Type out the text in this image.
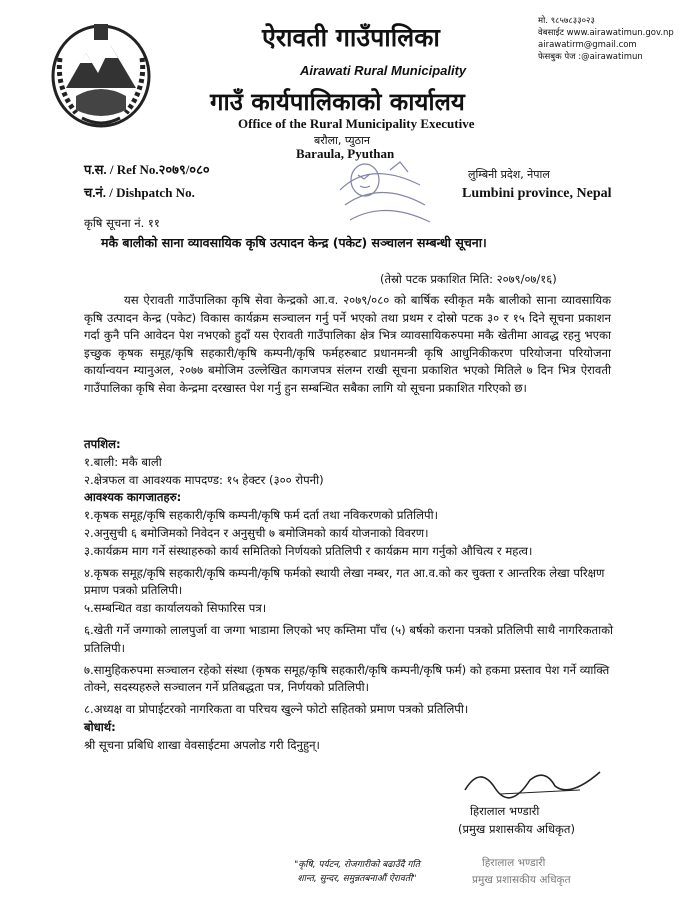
ऐरावती गाउँपालिका
Airawati Rural Municipality
गाउँ कार्यपालिकाको कार्यालय
Office of the Rural Municipality Executive
बरौला, प्युठान
Baraula, Pyuthan
मो. ९८५७८३३०२३
वेबसाईट www.airawatimun.gov.np
airawatirm@gmail.com
फेसबुक पेज :@airawatimun
प.स. / Ref No.२०७९/०८०
च.नं. / Dishpatch No.
लुम्बिनी प्रदेश, नेपाल
Lumbini province, Nepal
कृषि सूचना नं. ११
मकै बालीको साना व्यावसायिक कृषि उत्पादन केन्द्र (पकेट) सञ्चालन सम्बन्धी सूचना।
(तेस्रो पटक प्रकाशित मिति: २०७९/०७/१६)

यस ऐरावती गाउँपालिका कृषि सेवा केन्द्रको आ.व. २०७९/०८० को बार्षिक स्वीकृत मकै बालीको साना व्यावसायिक कृषि उत्पादन केन्द्र (पकेट) विकास कार्यक्रम सञ्चालन गर्नु पर्ने भएको तथा प्रथम र दोस्रो पटक ३० र १५ दिने सूचना प्रकाशन गर्दा कुनै पनि आवेदन पेश नभएको हुदाँ यस ऐरावती गाउँपालिका क्षेत्र भित्र व्यावसायिकरुपमा मकै खेतीमा आवद्ध रहनु भएका इच्छुक कृषक समूह/कृषि सहकारी/कृषि कम्पनी/कृषि फर्महरुबाट प्रधानमन्त्री कृषि आधुनिकीकरण परियोजना परियोजना कार्यान्वयन म्यानुअल, २०७७ बमोजिम उल्लेखित कागजपत्र संलग्न राखी सूचना प्रकाशित भएको मितिले ७ दिन भित्र ऐरावती गाउँपालिका कृषि सेवा केन्द्रमा दरखास्त पेश गर्नु हुन सम्बन्धित सबैका लागि यो सूचना प्रकाशित गरिएको छ।

तपशिल:
१.बाली: मकै बाली
२.क्षेत्रफल वा आवश्यक मापदण्ड: १५ हेक्टर (३०० रोपनी)
आवश्यक कागजातहरु:
१.कृषक समूह/कृषि सहकारी/कृषि कम्पनी/कृषि फर्म दर्ता तथा नविकरणको प्रतिलिपी।
२.अनुसुची ६ बमोजिमको निवेदन र अनुसुची ७ बमोजिमको कार्य योजनाको विवरण।
३.कार्यक्रम माग गर्ने संस्थाहरुको कार्य समितिको निर्णयको प्रतिलिपी र कार्यक्रम माग गर्नुको औचित्य र महत्व।
४.कृषक समूह/कृषि सहकारी/कृषि कम्पनी/कृषि फर्मको स्थायी लेखा नम्बर, गत आ.व.को कर चुक्ता र आन्तरिक लेखा परिक्षण प्रमाण पत्रको प्रतिलिपी।
५.सम्बन्धित वडा कार्यालयको सिफारिस पत्र।
६.खेती गर्ने जग्गाको लालपुर्जा वा जग्गा भाडामा लिएको भए कम्तिमा पाँच (५) बर्षको कराना पत्रको प्रतिलिपी साथै नागरिकताको प्रतिलिपी।
७.सामुहिकरुपमा सञ्चालन रहेको संस्था (कृषक समूह/कृषि सहकारी/कृषि कम्पनी/कृषि फर्म) को हकमा प्रस्ताव पेश गर्ने व्याक्ति तोक्ने, सदस्यहरुले सञ्चालन गर्ने प्रतिबद्धता पत्र, निर्णयको प्रतिलिपी।
८.अध्यक्ष वा प्रोपाईटरको नागरिकता वा परिचय खुल्ने फोटो सहितको प्रमाण पत्रको प्रतिलिपी।
बोधार्थ:
श्री सूचना प्रबिधि शाखा वेवसाईटमा अपलोड गरी दिनुहुन्।
हिरालाल भण्डारी
(प्रमुख प्रशासकीय अधिकृत)
"कृषि, पर्यटन, रोजगारीको बढाउँदै गति
शान्त, सुन्दर, समुन्नतबनाऔं ऐरावती"
हिरालाल भण्डारी
प्रमुख प्रशासकीय अधिकृत
